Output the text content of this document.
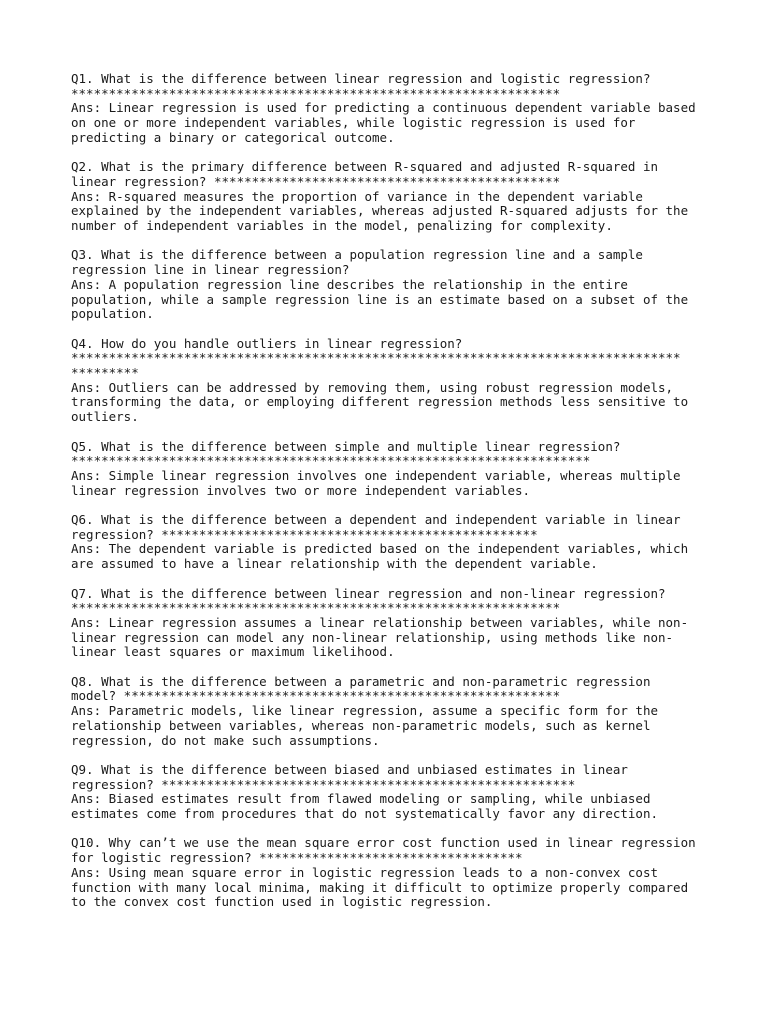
Q1. What is the difference between linear regression and logistic regression?
*****************************************************************
Ans: Linear regression is used for predicting a continuous dependent variable based
on one or more independent variables, while logistic regression is used for
predicting a binary or categorical outcome.
Q2. What is the primary difference between R-squared and adjusted R-squared in
linear regression? **********************************************
Ans: R-squared measures the proportion of variance in the dependent variable
explained by the independent variables, whereas adjusted R-squared adjusts for the
number of independent variables in the model, penalizing for complexity.
Q3. What is the difference between a population regression line and a sample
regression line in linear regression?
Ans: A population regression line describes the relationship in the entire
population, while a sample regression line is an estimate based on a subset of the
population.
Q4. How do you handle outliers in linear regression?
*********************************************************************************
*********
Ans: Outliers can be addressed by removing them, using robust regression models,
transforming the data, or employing different regression methods less sensitive to
outliers.
Q5. What is the difference between simple and multiple linear regression?
*********************************************************************
Ans: Simple linear regression involves one independent variable, whereas multiple
linear regression involves two or more independent variables.
Q6. What is the difference between a dependent and independent variable in linear
regression? **************************************************
Ans: The dependent variable is predicted based on the independent variables, which
are assumed to have a linear relationship with the dependent variable.
Q7. What is the difference between linear regression and non-linear regression?
*****************************************************************
Ans: Linear regression assumes a linear relationship between variables, while non-
linear regression can model any non-linear relationship, using methods like non-
linear least squares or maximum likelihood.
Q8. What is the difference between a parametric and non-parametric regression
model? **********************************************************
Ans: Parametric models, like linear regression, assume a specific form for the
relationship between variables, whereas non-parametric models, such as kernel
regression, do not make such assumptions.
Q9. What is the difference between biased and unbiased estimates in linear
regression? *******************************************************
Ans: Biased estimates result from flawed modeling or sampling, while unbiased
estimates come from procedures that do not systematically favor any direction.
Q10. Why can’t we use the mean square error cost function used in linear regression
for logistic regression? ***********************************
Ans: Using mean square error in logistic regression leads to a non-convex cost
function with many local minima, making it difficult to optimize properly compared
to the convex cost function used in logistic regression.
